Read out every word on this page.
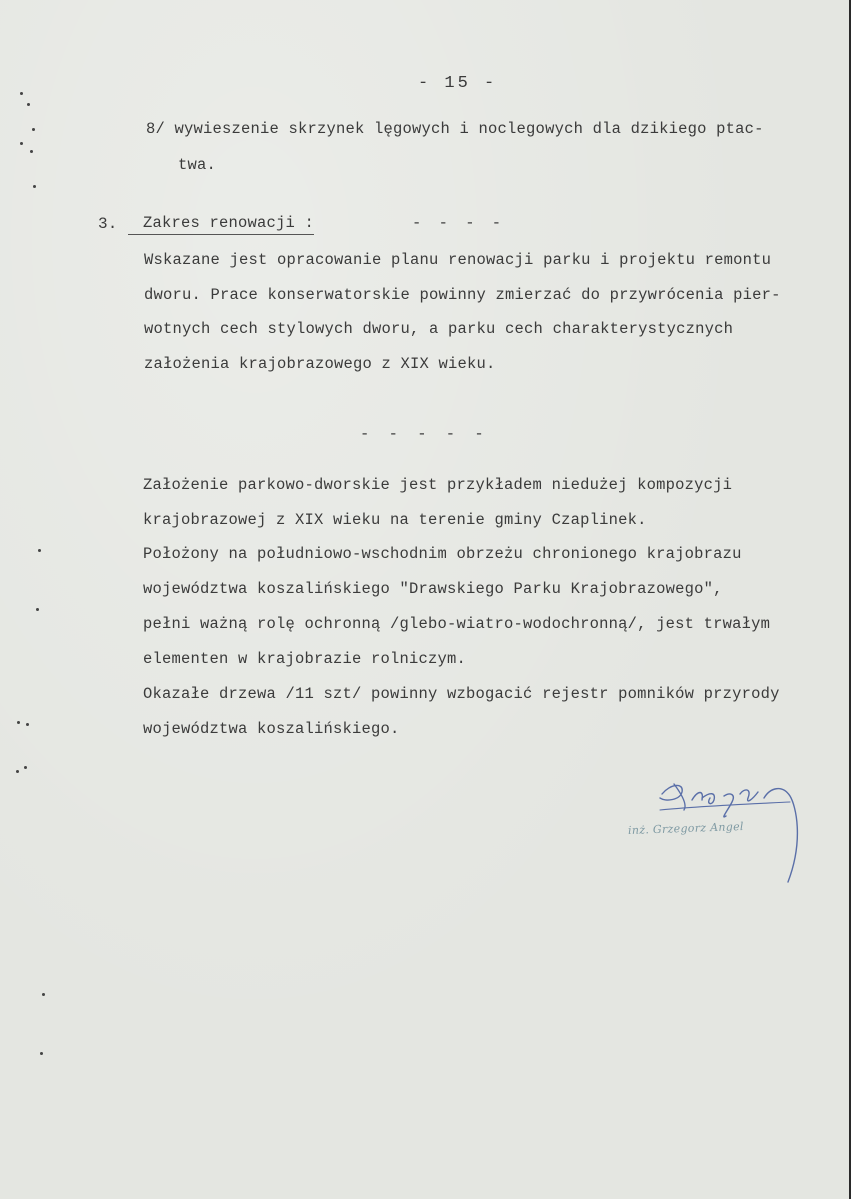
- 15 -
8/ wywieszenie skrzynek lęgowych i noclegowych dla dzikiego ptac-
twa.
3. Zakres renowacji :	- - - -
Wskazane jest opracowanie planu renowacji parku i projektu remontu
dworu. Prace konserwatorskie powinny zmierzać do przywrócenia pier-
wotnych cech stylowych dworu, a parku cech charakterystycznych
założenia krajobrazowego z XIX wieku.
- - - - -
Założenie parkowo-dworskie jest przykładem niedużej kompozycji
krajobrazowej z XIX wieku na terenie gminy Czaplinek.
Położony na południowo-wschodnim obrzeżu chronionego krajobrazu
województwa koszalińskiego "Drawskiego Parku Krajobrazowego",
pełni ważną rolę ochronną /glebo-wiatro-wodochronną/, jest trwałym
elementen w krajobrazie rolniczym.
Okazałe drzewa /11 szt/ powinny wzbogacić rejestr pomników przyrody
województwa koszalińskiego.
inż. Grzegorz Angel
